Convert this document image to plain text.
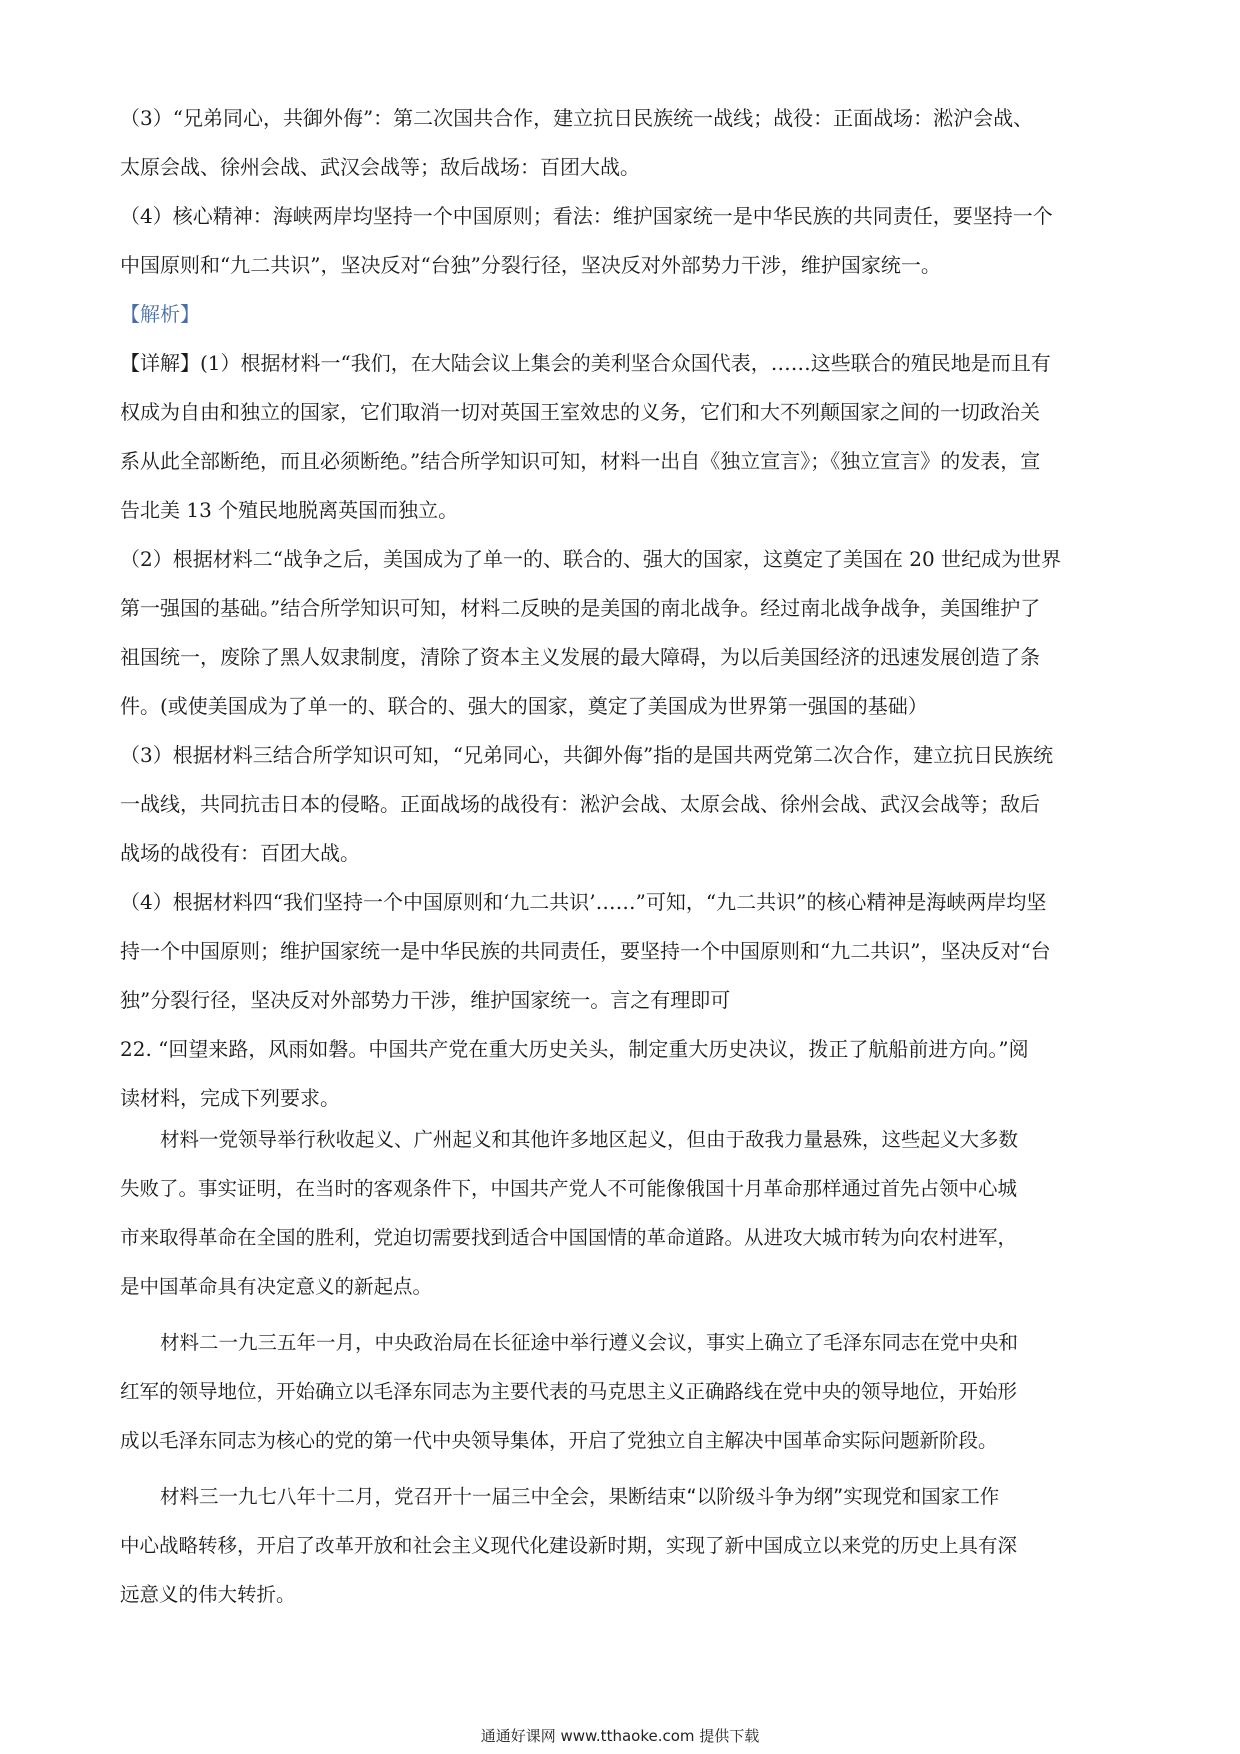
（3）“兄弟同心，共御外侮”：第二次国共合作，建立抗日民族统一战线；战役：正面战场：淞沪会战、
太原会战、徐州会战、武汉会战等；敌后战场：百团大战。
（4）核心精神：海峡两岸均坚持一个中国原则；看法：维护国家统一是中华民族的共同责任，要坚持一个
中国原则和“九二共识”，坚决反对“台独”分裂行径，坚决反对外部势力干涉，维护国家统一。
【解析】
【详解】(1）根据材料一“我们，在大陆会议上集会的美利坚合众国代表，……这些联合的殖民地是而且有
权成为自由和独立的国家，它们取消一切对英国王室效忠的义务，它们和大不列颠国家之间的一切政治关
系从此全部断绝，而且必须断绝。”结合所学知识可知，材料一出自《独立宣言》；《独立宣言》的发表，宣
告北美 13 个殖民地脱离英国而独立。
（2）根据材料二“战争之后，美国成为了单一的、联合的、强大的国家，这奠定了美国在 20 世纪成为世界
第一强国的基础。”结合所学知识可知，材料二反映的是美国的南北战争。经过南北战争战争，美国维护了
祖国统一，废除了黑人奴隶制度，清除了资本主义发展的最大障碍，为以后美国经济的迅速发展创造了条
件。(或使美国成为了单一的、联合的、强大的国家，奠定了美国成为世界第一强国的基础）
（3）根据材料三结合所学知识可知，“兄弟同心，共御外侮”指的是国共两党第二次合作，建立抗日民族统
一战线，共同抗击日本的侵略。正面战场的战役有：淞沪会战、太原会战、徐州会战、武汉会战等；敌后
战场的战役有：百团大战。
（4）根据材料四“我们坚持一个中国原则和‘九二共识’……”可知，“九二共识”的核心精神是海峡两岸均坚
持一个中国原则；维护国家统一是中华民族的共同责任，要坚持一个中国原则和“九二共识”，坚决反对“台
独”分裂行径，坚决反对外部势力干涉，维护国家统一。言之有理即可
22. “回望来路，风雨如磐。中国共产党在重大历史关头，制定重大历史决议，拨正了航船前进方向。”阅
读材料，完成下列要求。
材料一党领导举行秋收起义、广州起义和其他许多地区起义，但由于敌我力量悬殊，这些起义大多数
失败了。事实证明，在当时的客观条件下，中国共产党人不可能像俄国十月革命那样通过首先占领中心城
市来取得革命在全国的胜利，党迫切需要找到适合中国国情的革命道路。从进攻大城市转为向农村进军，
是中国革命具有决定意义的新起点。
材料二一九三五年一月，中央政治局在长征途中举行遵义会议，事实上确立了毛泽东同志在党中央和
红军的领导地位，开始确立以毛泽东同志为主要代表的马克思主义正确路线在党中央的领导地位，开始形
成以毛泽东同志为核心的党的第一代中央领导集体，开启了党独立自主解决中国革命实际问题新阶段。
材料三一九七八年十二月，党召开十一届三中全会，果断结束“以阶级斗争为纲”实现党和国家工作
中心战略转移，开启了改革开放和社会主义现代化建设新时期，实现了新中国成立以来党的历史上具有深
远意义的伟大转折。
通通好课网 www.tthaoke.com 提供下载
